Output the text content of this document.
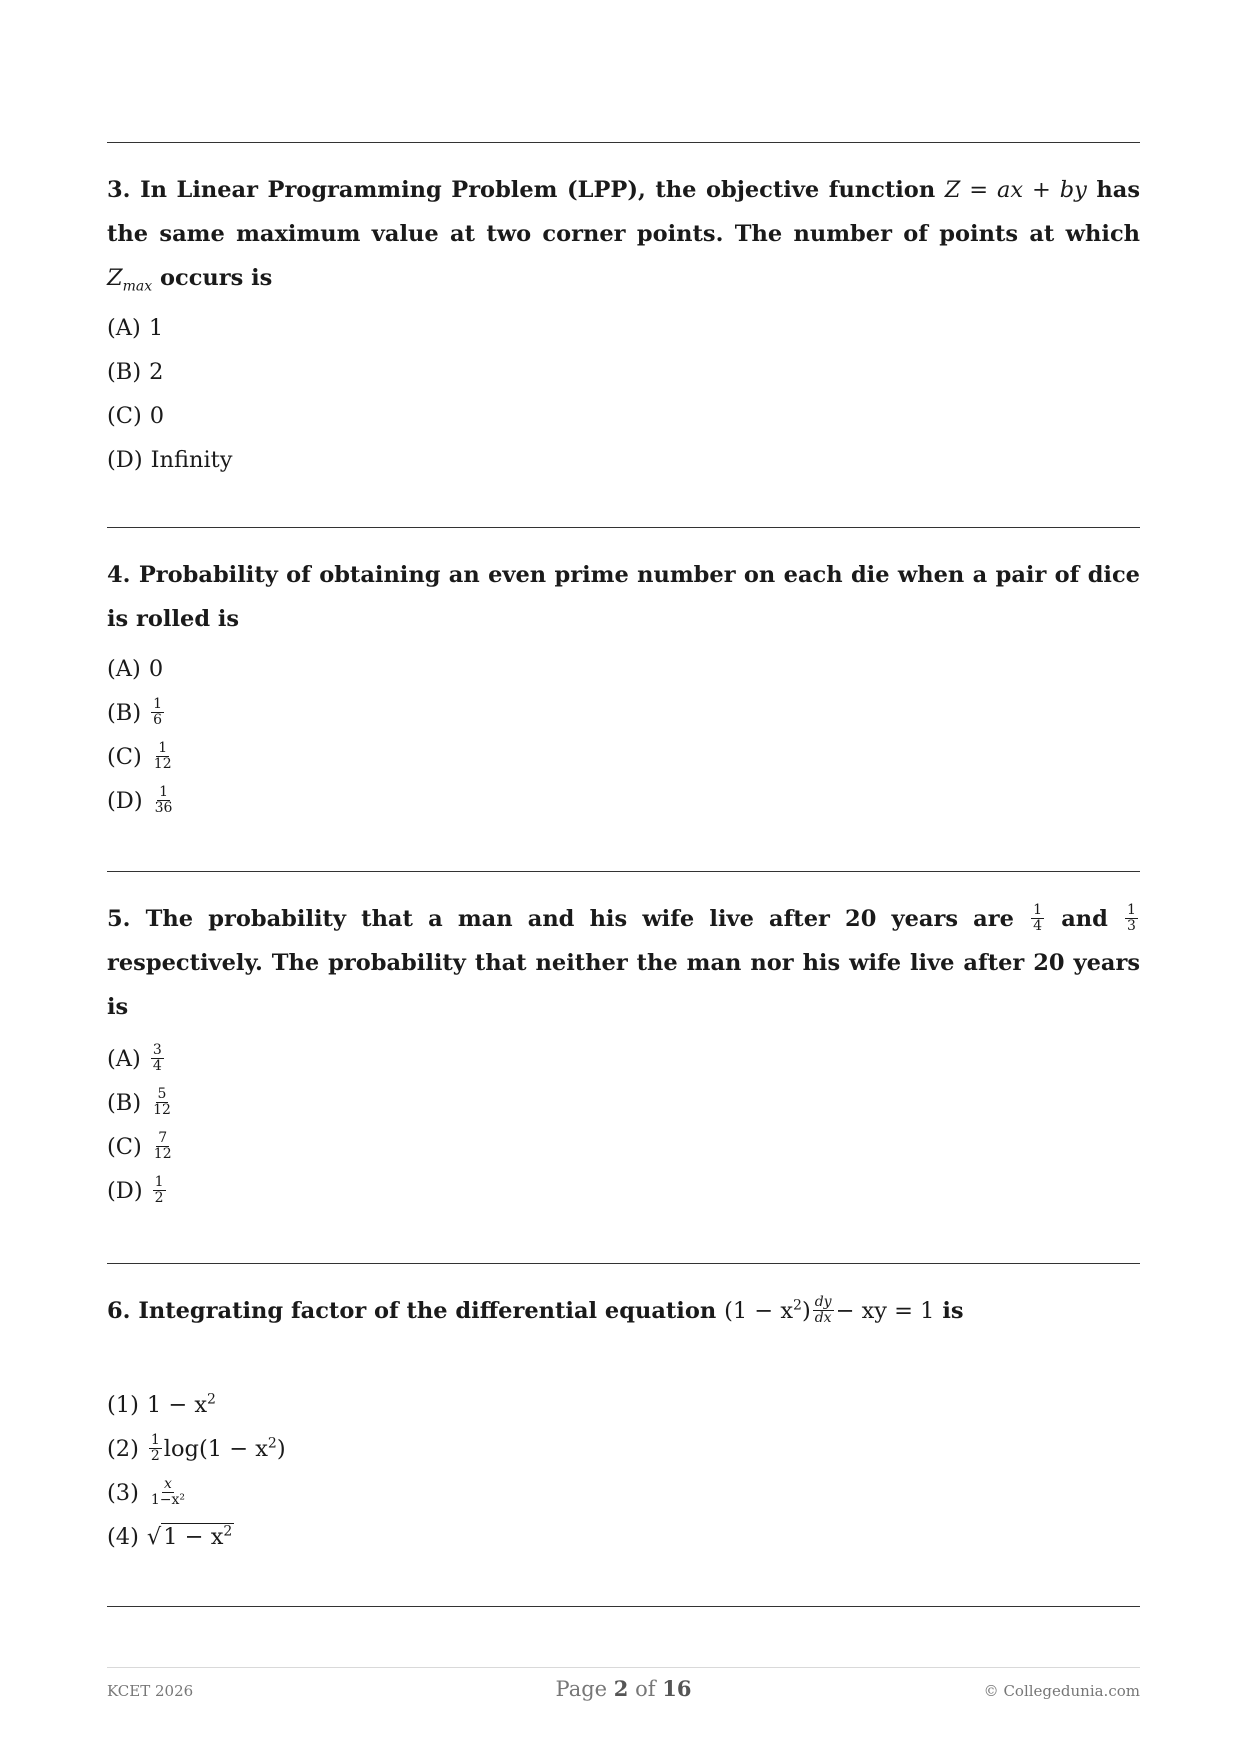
3. In Linear Programming Problem (LPP), the objective function Z = ax + by has the same maximum value at two corner points. The number of points at which $Z_{max}$ occurs is

(A) 1
(B) 2
(C) 0
(D) Infinity

4. Probability of obtaining an even prime number on each die when a pair of dice is rolled is

(A) 0
$(B) \frac{1}{6}$
$(C) \frac{1}{12}$
$(D) \frac{1}{36}$

5. The probability that a man and his wife live after 20 years are $\frac{1}{4}$ and $\frac{1}{3}$
respectively. The probability that neither the man nor his wife live after 20 years is

$(A) \frac{3}{4}$
$(B) \frac{5}{12}$
$(C) \frac{7}{12}$
$(D) \frac{1}{2}$

6. Integrating factor of the differential equation $(1 - x^2) \frac{dy}{dx}$ − xy = 1 is

(1) $1 - x^2$
$(2) \frac{1}{2} \log(1 - x^2)$
$(3) \frac{x}{\text{1−x²}}$
(4) $√1 - x^2$
KCET 2026	Page 2 of 16	© Collegedunia.com
